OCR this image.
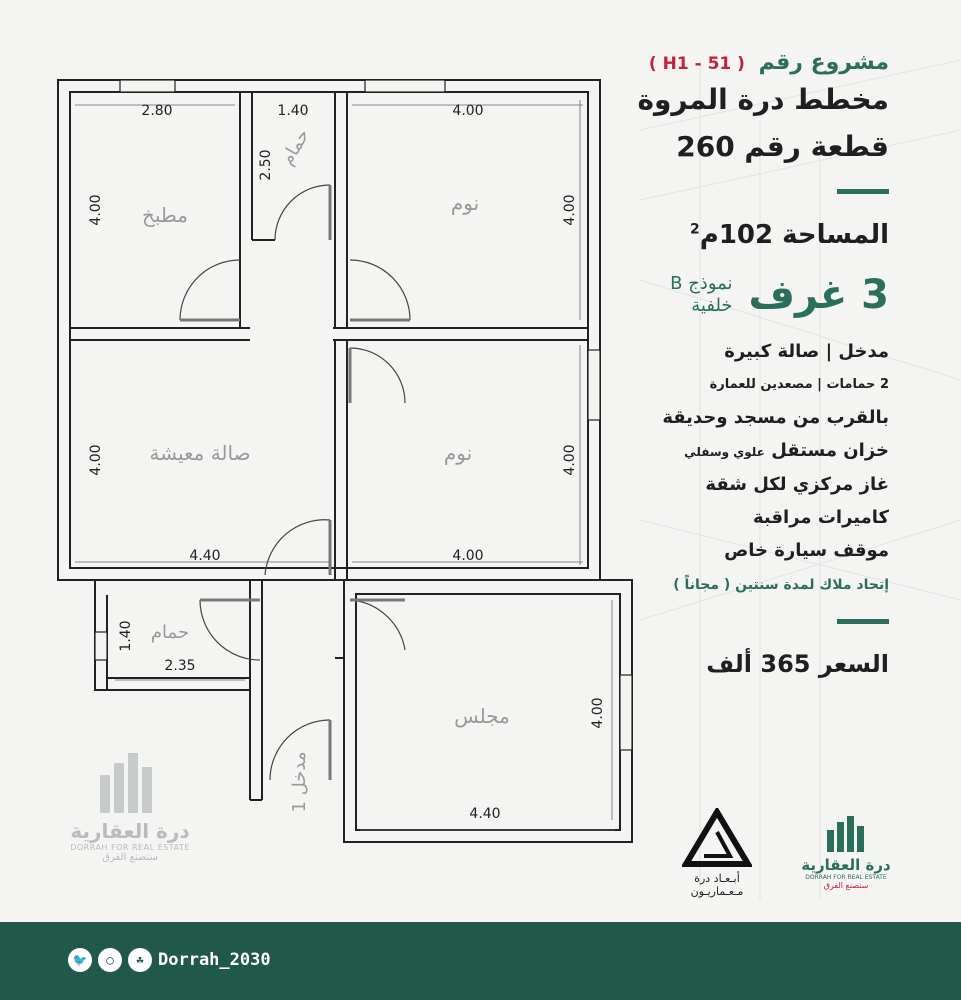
مطبخ
حمام
نوم
صالة معيشة	نوم
حمام
مجلس
مدخل 1
2.80
4.00
1.40
2.50
4.00
4.00
4.00
4.40
4.00
4.00
1.40
2.35
4.00
4.40
مشروع رقم ( H1 - 51 )
مخطط درة المروة
قطعة رقم 260
المساحة 102م$^2$
3 غرف
نموذج B
خلفية
مدخل | صالة كبيرة
2 حمامات | مصعدين للعمارة
بالقرب من مسجد وحديقة
خزان مستقل علوي وسفلي
غاز مركزي لكل شقة
كاميرات مراقبة
موقف سيارة خاص
إتحاد ملاك لمدة سنتين ( مجاناً )
السعر 365 ألف
درة العقارية
DORRAH FOR REAL ESTATE
سنصنع الفرق
أبـعـاد درة
مـعـماريـون
درة العقارية
DORRAH FOR REAL ESTATE
سنصنع الفرق
🐦	◯	☘ Dorrah_2030
